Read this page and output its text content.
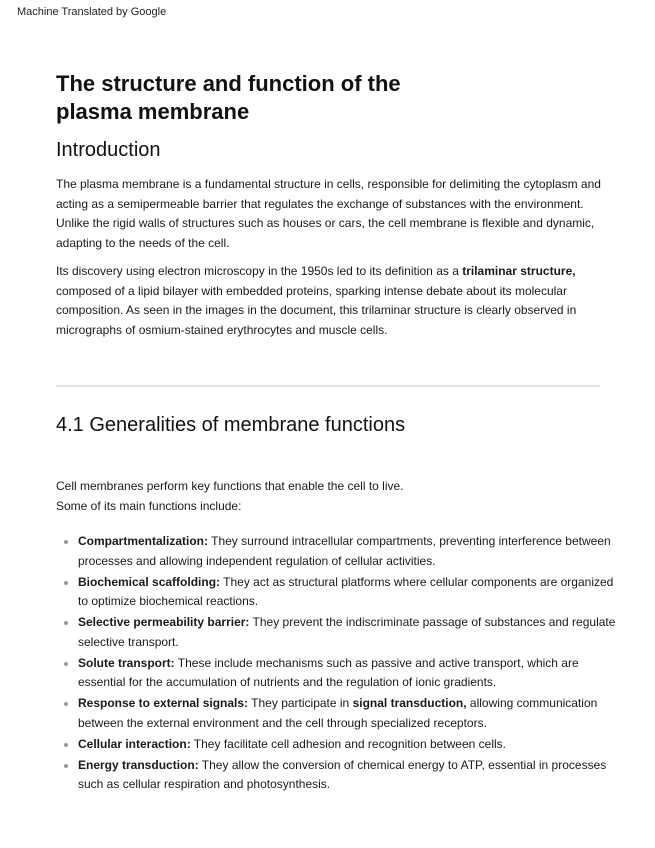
Machine Translated by Google
The structure and function of the plasma membrane
Introduction

The plasma membrane is a fundamental structure in cells, responsible for delimiting the cytoplasm and acting as a semipermeable barrier that regulates the exchange of substances with the environment. Unlike the rigid walls of structures such as houses or cars, the cell membrane is flexible and dynamic, adapting to the needs of the cell.

Its discovery using electron microscopy in the 1950s led to its definition as a trilaminar structure, composed of a lipid bilayer with embedded proteins, sparking intense debate about its molecular composition. As seen in the images in the document, this trilaminar structure is clearly observed in micrographs of osmium-stained erythrocytes and muscle cells.

4.1 Generalities of membrane functions

Cell membranes perform key functions that enable the cell to live.
Some of its main functions include:

Compartmentalization: They surround intracellular compartments, preventing interference between processes and allowing independent regulation of cellular activities.
Biochemical scaffolding: They act as structural platforms where cellular components are organized to optimize biochemical reactions.
Selective permeability barrier: They prevent the indiscriminate passage of substances and regulate selective transport.
Solute transport: These include mechanisms such as passive and active transport, which are essential for the accumulation of nutrients and the regulation of ionic gradients.
Response to external signals: They participate in signal transduction, allowing communication between the external environment and the cell through specialized receptors.
Cellular interaction: They facilitate cell adhesion and recognition between cells.
Energy transduction: They allow the conversion of chemical energy to ATP, essential in processes such as cellular respiration and photosynthesis.
